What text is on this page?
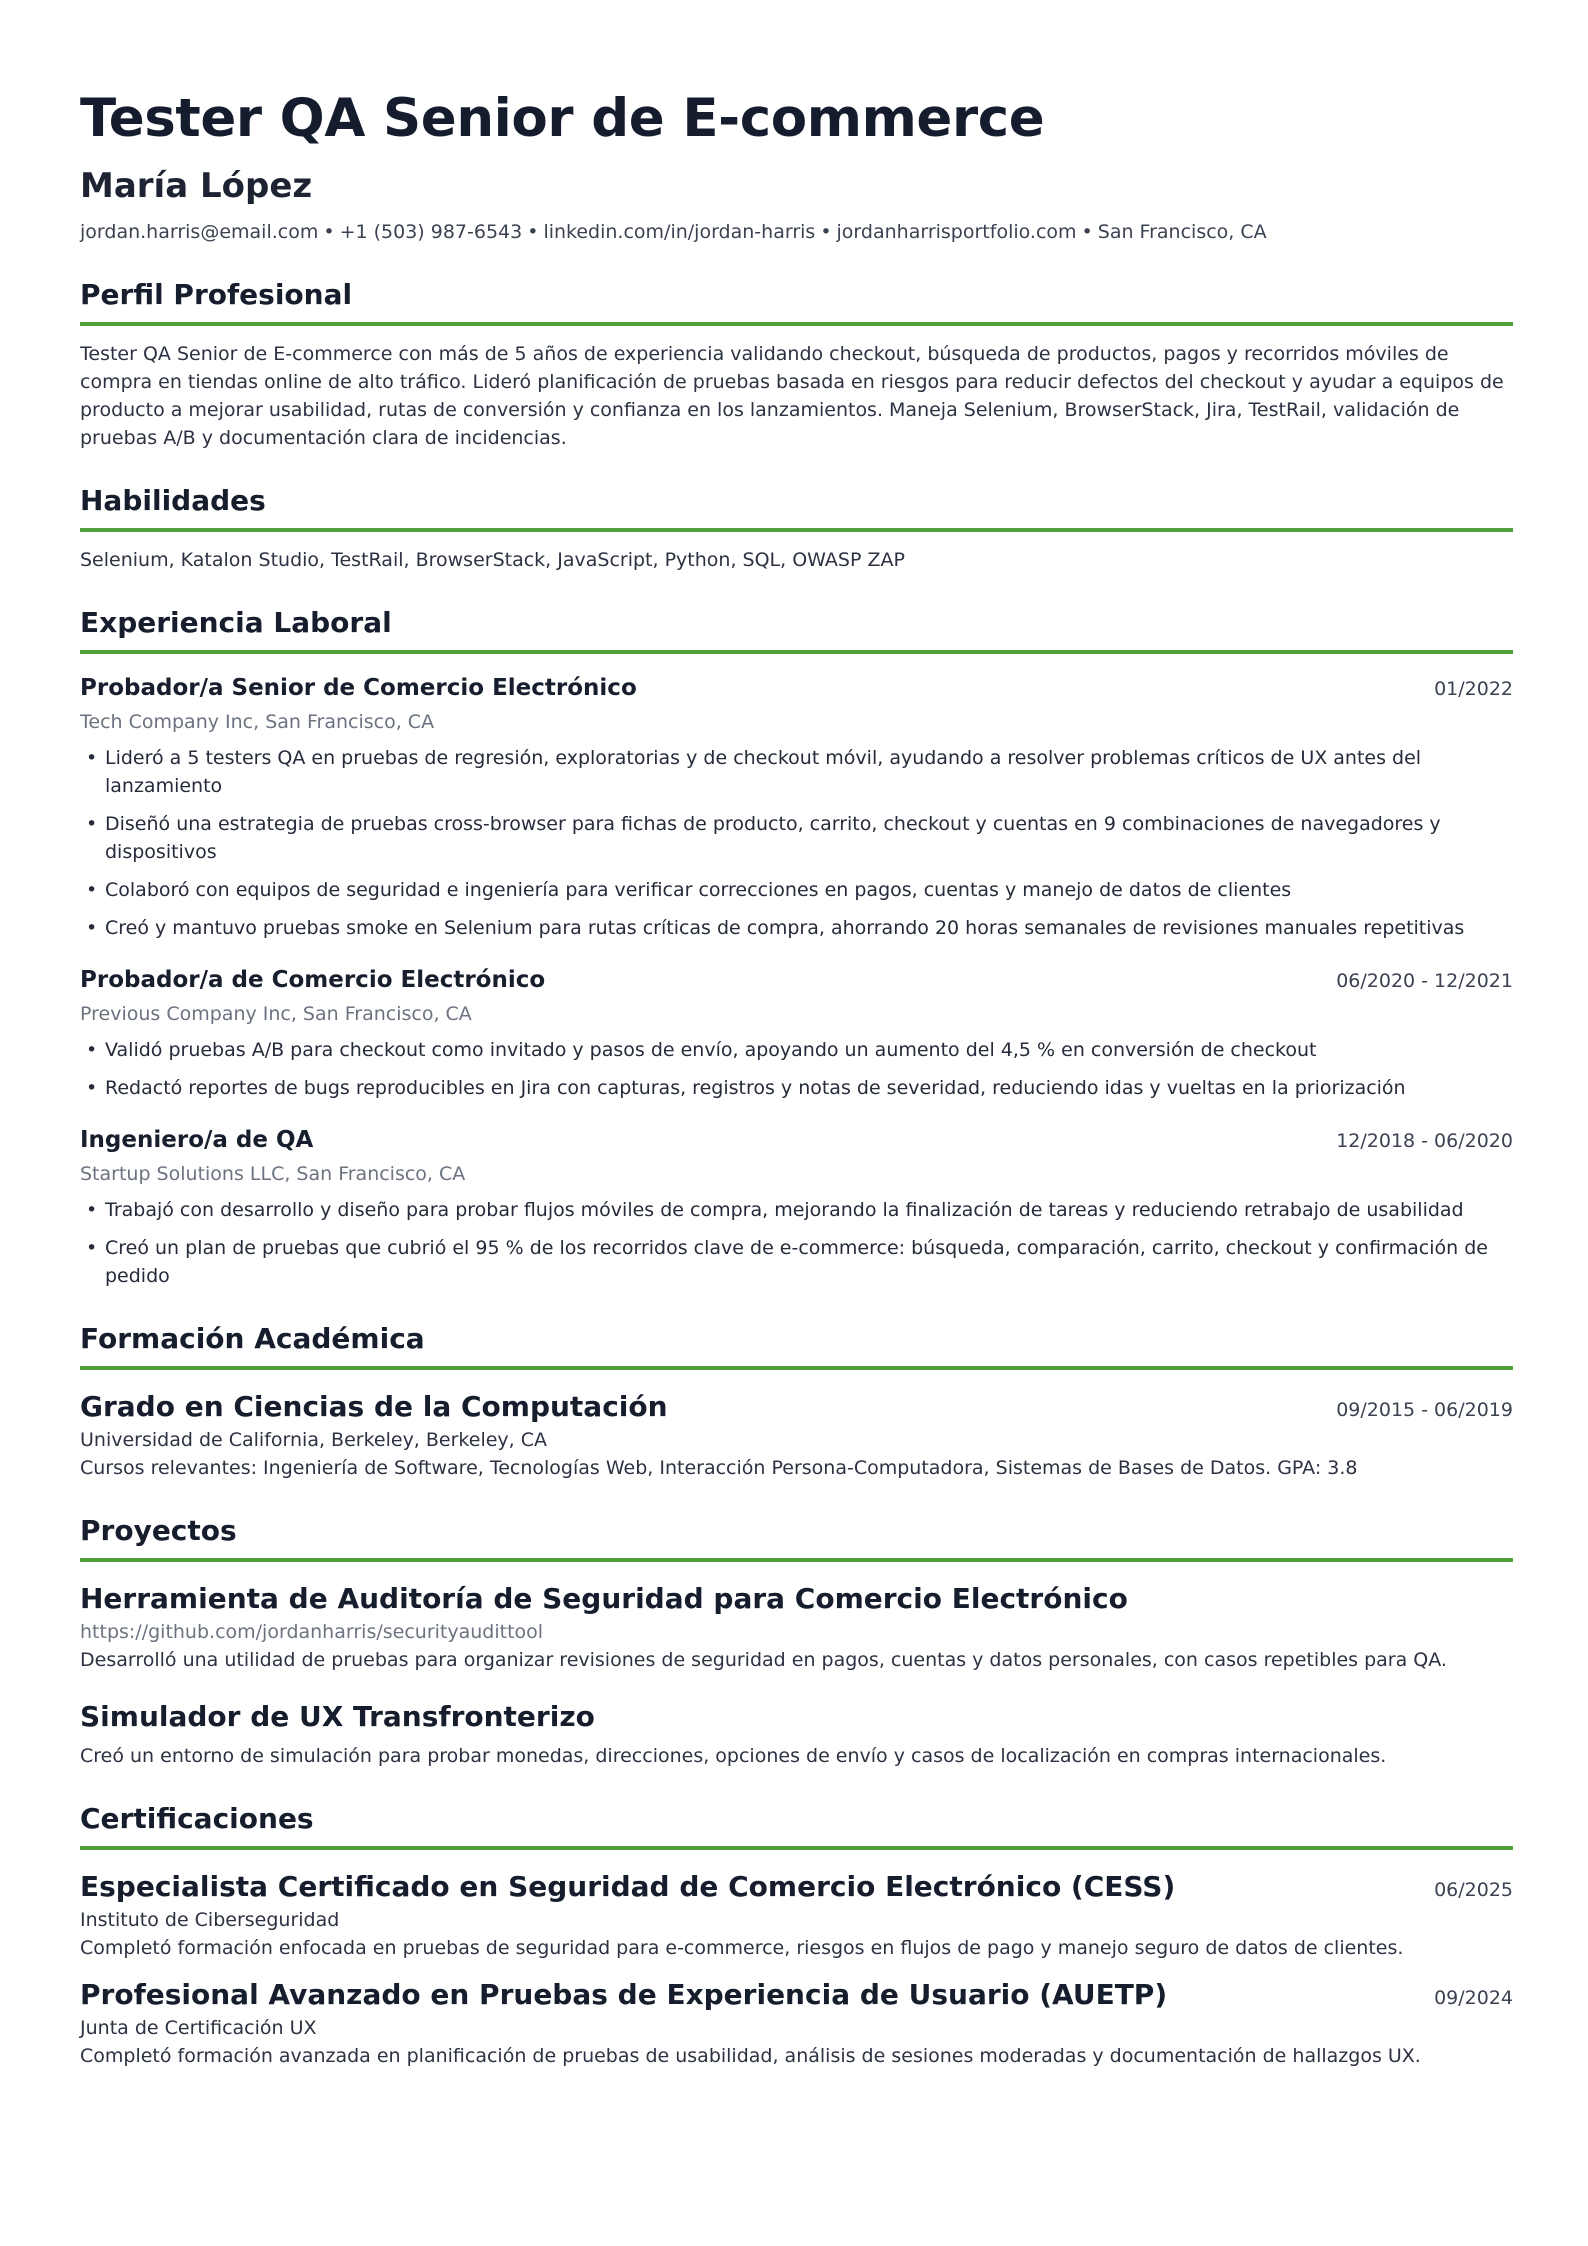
Tester QA Senior de E-commerce
María López
jordan.harris@email.com • +1 (503) 987-6543 • linkedin.com/in/jordan-harris • jordanharrisportfolio.com • San Francisco, CA
Perfil Profesional
Tester QA Senior de E-commerce con más de 5 años de experiencia validando checkout, búsqueda de productos, pagos y recorridos móviles de compra en tiendas online de alto tráfico. Lideró planificación de pruebas basada en riesgos para reducir defectos del checkout y ayudar a equipos de producto a mejorar usabilidad, rutas de conversión y confianza en los lanzamientos. Maneja Selenium, BrowserStack, Jira, TestRail, validación de pruebas A/B y documentación clara de incidencias.
Habilidades
Selenium, Katalon Studio, TestRail, BrowserStack, JavaScript, Python, SQL, OWASP ZAP
Experiencia Laboral
Probador/a Senior de Comercio Electrónico	01/2022
Tech Company Inc, San Francisco, CA
• Lideró a 5 testers QA en pruebas de regresión, exploratorias y de checkout móvil, ayudando a resolver problemas críticos de UX antes del lanzamiento
• Diseñó una estrategia de pruebas cross-browser para fichas de producto, carrito, checkout y cuentas en 9 combinaciones de navegadores y dispositivos
• Colaboró con equipos de seguridad e ingeniería para verificar correcciones en pagos, cuentas y manejo de datos de clientes
• Creó y mantuvo pruebas smoke en Selenium para rutas críticas de compra, ahorrando 20 horas semanales de revisiones manuales repetitivas
Probador/a de Comercio Electrónico	06/2020 - 12/2021
Previous Company Inc, San Francisco, CA
• Validó pruebas A/B para checkout como invitado y pasos de envío, apoyando un aumento del 4,5 % en conversión de checkout
• Redactó reportes de bugs reproducibles en Jira con capturas, registros y notas de severidad, reduciendo idas y vueltas en la priorización
Ingeniero/a de QA	12/2018 - 06/2020
Startup Solutions LLC, San Francisco, CA
• Trabajó con desarrollo y diseño para probar flujos móviles de compra, mejorando la finalización de tareas y reduciendo retrabajo de usabilidad
• Creó un plan de pruebas que cubrió el 95 % de los recorridos clave de e-commerce: búsqueda, comparación, carrito, checkout y confirmación de pedido
Formación Académica
Grado en Ciencias de la Computación	09/2015 - 06/2019
Universidad de California, Berkeley, Berkeley, CA
Cursos relevantes: Ingeniería de Software, Tecnologías Web, Interacción Persona-Computadora, Sistemas de Bases de Datos. GPA: 3.8
Proyectos
Herramienta de Auditoría de Seguridad para Comercio Electrónico
https://github.com/jordanharris/securityaudittool
Desarrolló una utilidad de pruebas para organizar revisiones de seguridad en pagos, cuentas y datos personales, con casos repetibles para QA.
Simulador de UX Transfronterizo
Creó un entorno de simulación para probar monedas, direcciones, opciones de envío y casos de localización en compras internacionales.
Certificaciones
Especialista Certificado en Seguridad de Comercio Electrónico (CESS)	06/2025
Instituto de Ciberseguridad
Completó formación enfocada en pruebas de seguridad para e-commerce, riesgos en flujos de pago y manejo seguro de datos de clientes.
Profesional Avanzado en Pruebas de Experiencia de Usuario (AUETP)	09/2024
Junta de Certificación UX
Completó formación avanzada en planificación de pruebas de usabilidad, análisis de sesiones moderadas y documentación de hallazgos UX.
